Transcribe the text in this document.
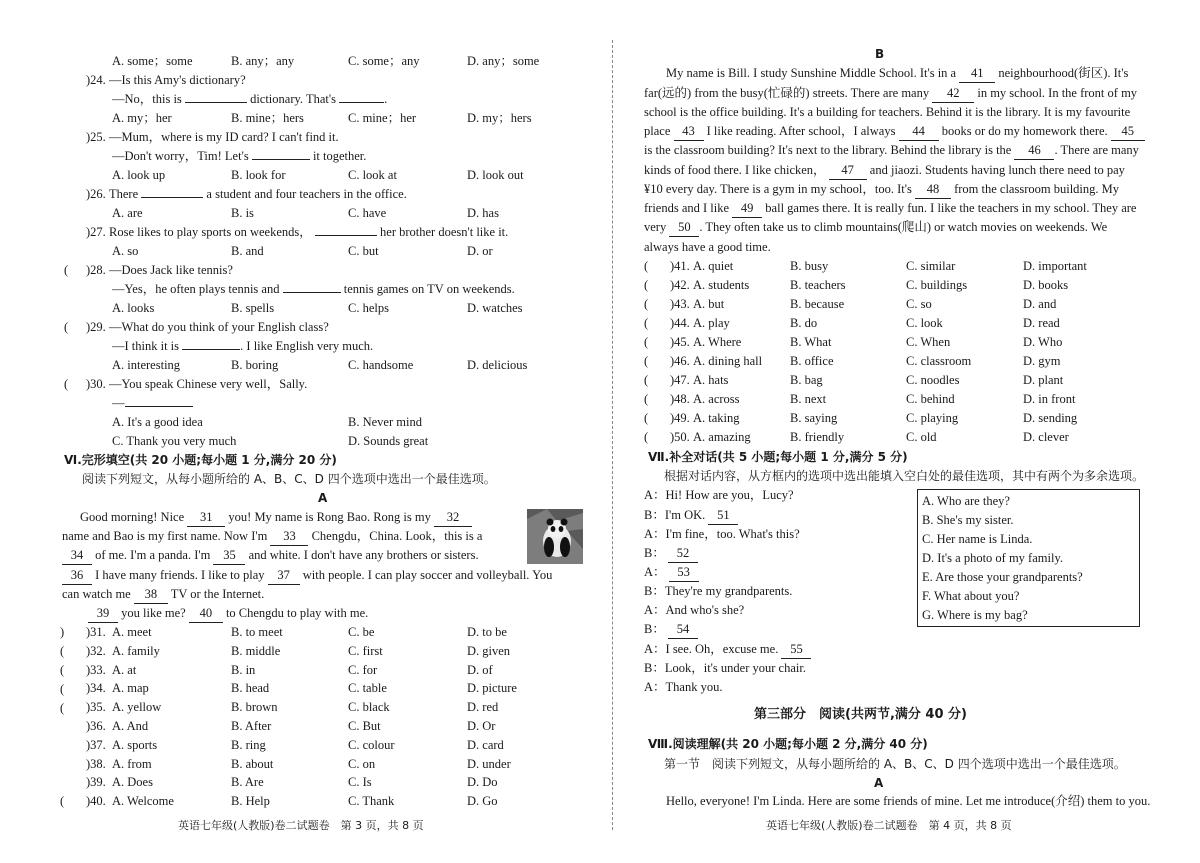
A. some；some	B. any；any	C. some；any	D. any；some
)24. —Is this Amy's dictionary?
—No，this is	dictionary. That's	.
A. my；her	B. mine；hers	C. mine；her	D. my；hers
)25. —Mum，where is my ID card? I can't find it.
—Don't worry，Tim! Let's	it together.
A. look up	B. look for	C. look at	D. look out
)26. There	a student and four teachers in the office.
A. are	B. is	C. have	D. has
)27. Rose likes to play sports on weekends，	her brother doesn't like it.
A. so	B. and	C. but	D. or
( )28. —Does Jack like tennis?
—Yes，he often plays tennis and	tennis games on TV on weekends.
A. looks	B. spells	C. helps	D. watches
( )29. —What do you think of your English class?
—I think it is	. I like English very much.
A. interesting	B. boring	C. handsome	D. delicious
( )30. —You speak Chinese very well，Sally.
—
A. It's a good idea	B. Never mind
C. Thank you very much	D. Sounds great
Ⅵ.完形填空(共 20 小题;每小题 1 分,满分 20 分)
阅读下列短文，从每小题所给的 A、B、C、D 四个选项中选出一个最佳选项。
A
Good morning! Nice 31 you! My name is Rong Bao. Rong is my 32
name and Bao is my first name. Now I'm 33 Chengdu，China. Look，this is a
34 of me. I'm a panda. I'm 35 and white. I don't have any brothers or sisters.
36 I have many friends. I like to play 37 with people. I can play soccer and volleyball. You
can watch me 38 TV or the Internet.
39 you like me? 40 to Chengdu to play with me.
)
(
(
(
(
(
)31. A. meet	B. to meet	C. be	D. to be
)32. A. family	B. middle	C. first	D. given
)33. A. at	B. in	C. for	D. of
)34. A. map	B. head	C. table	D. picture
)35. A. yellow	B. brown	C. black	D. red
)36. A. And	B. After	C. But	D. Or
)37. A. sports	B. ring	C. colour	D. card
)38. A. from	B. about	C. on	D. under
)39. A. Does	B. Are	C. Is	D. Do
)40. A. Welcome	B. Help	C. Thank	D. Go
英语七年级(人教版)卷二试题卷　第 3 页，共 8 页
B
My name is Bill. I study Sunshine Middle School. It's in a 41 neighbourhood(街区). It's
far(远的) from the busy(忙碌的) streets. There are many 42 in my school. In the front of my
school is the office building. It's a building for teachers. Behind it is the library. It is my favourite
place 43 I like reading. After school，I always 44 books or do my homework there. 45
is the classroom building? It's next to the library. Behind the library is the 46 . There are many
kinds of food there. I like chicken， 47 and jiaozi. Students having lunch there need to pay
¥10 every day. There is a gym in my school，too. It's 48 from the classroom building. My
friends and I like 49 ball games there. It is really fun. I like the teachers in my school. They are
very 50 . They often take us to climb mountains(爬山) or watch movies on weekends. We
always have a good time.
( )41. A. quiet	B. busy	C. similar	D. important
( )42. A. students	B. teachers	C. buildings	D. books
( )43. A. but	B. because	C. so	D. and
( )44. A. play	B. do	C. look	D. read
( )45. A. Where	B. What	C. When	D. Who
( )46. A. dining hall B. office	C. classroom	D. gym
( )47. A. hats	B. bag	C. noodles	D. plant
( )48. A. across	B. next	C. behind	D. in front
( )49. A. taking	B. saying	C. playing	D. sending
( )50. A. amazing	B. friendly	C. old	D. clever
Ⅶ.补全对话(共 5 小题;每小题 1 分,满分 5 分)
根据对话内容，从方框内的选项中选出能填入空白处的最佳选项，其中有两个为多余选项。
A：Hi! How are you，Lucy?
B：I'm OK. 51
A：I'm fine，too. What's this?
B： 52
A： 53
B：They're my grandparents.
A：And who's she?
B： 54
A：I see. Oh，excuse me. 55
B：Look，it's under your chair.
A：Thank you.
第三部分　阅读(共两节,满分 40 分)
Ⅷ.阅读理解(共 20 小题;每小题 2 分,满分 40 分)
第一节　阅读下列短文，从每小题所给的 A、B、C、D 四个选项中选出一个最佳选项。
A
Hello, everyone! I'm Linda. Here are some friends of mine. Let me introduce(介绍) them to you.
英语七年级(人教版)卷二试题卷　第 4 页，共 8 页
A. Who are they?
B. She's my sister.
C. Her name is Linda.
D. It's a photo of my family.
E. Are those your grandparents?
F. What about you?
G. Where is my bag?
